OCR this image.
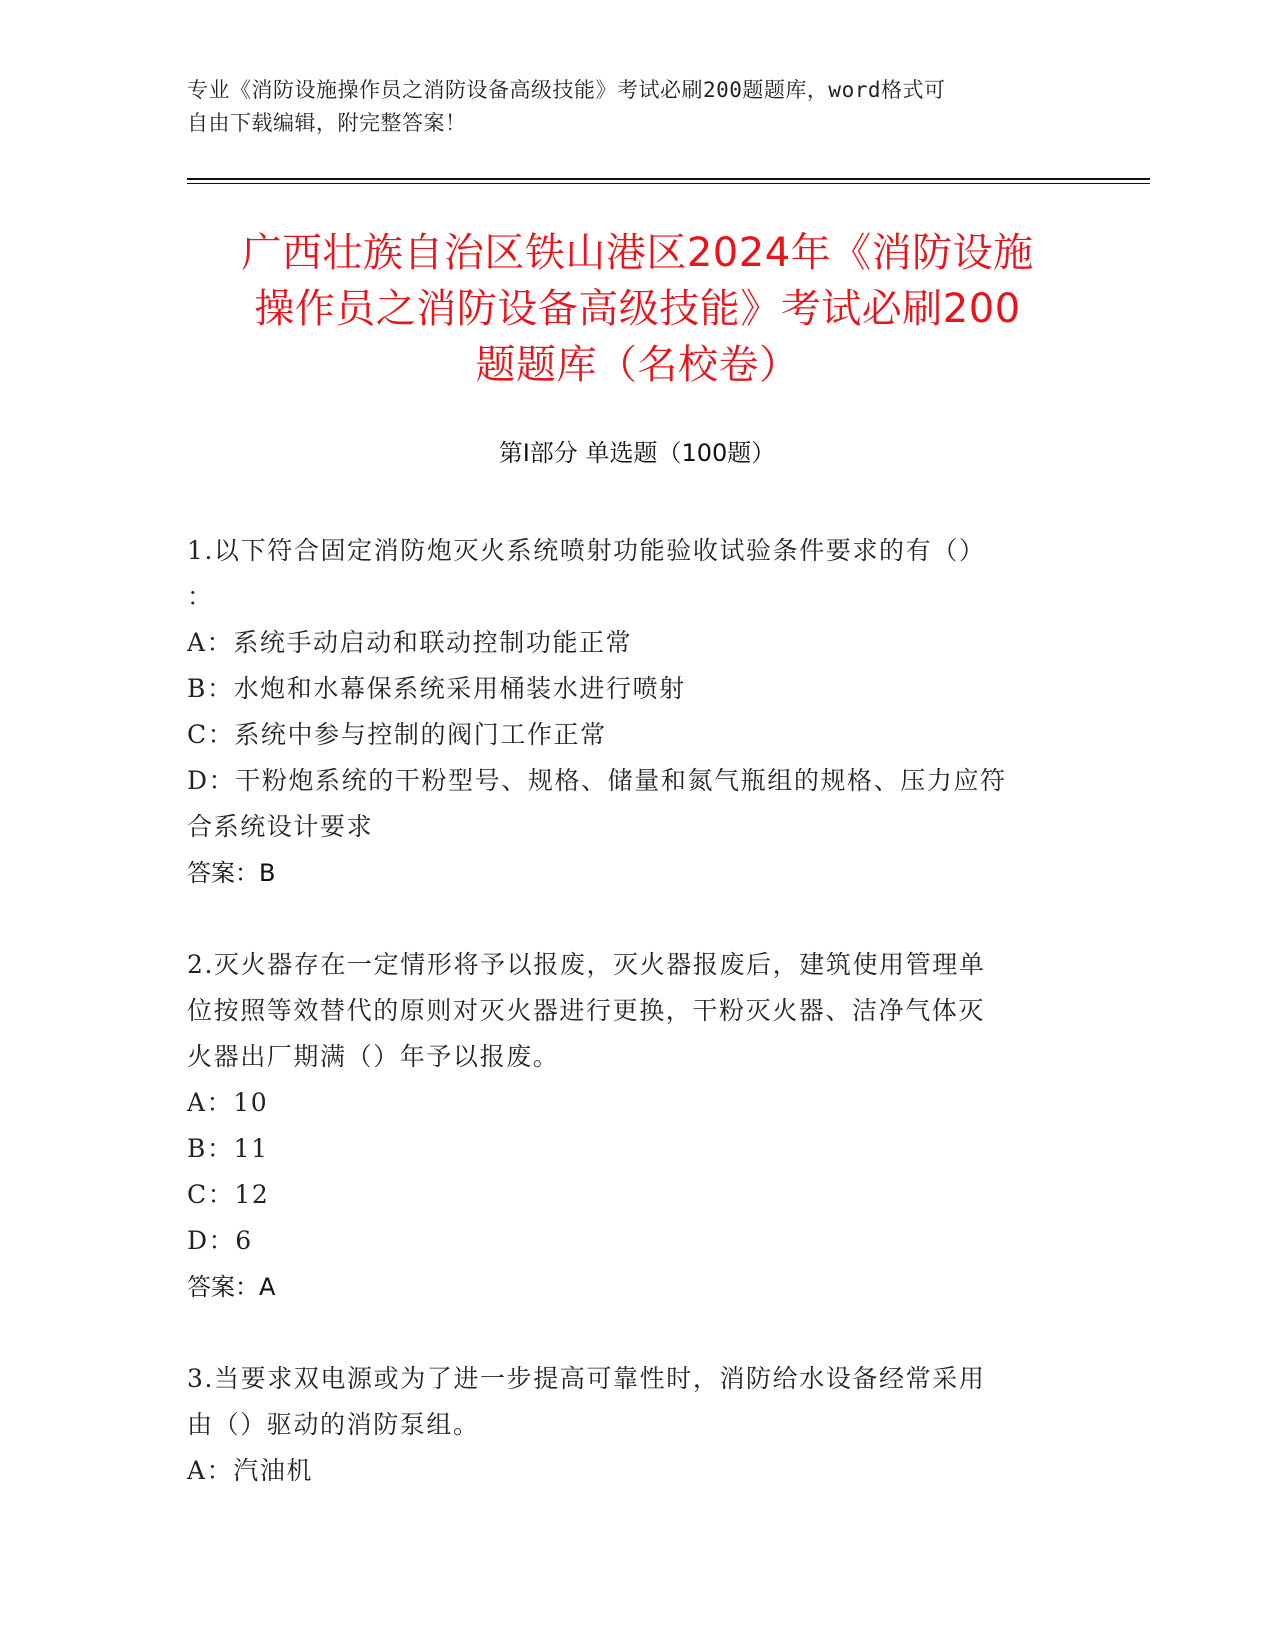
专业《消防设施操作员之消防设备高级技能》考试必刷200题题库，word格式可
自由下载编辑，附完整答案！
广西壮族自治区铁山港区2024年《消防设施
操作员之消防设备高级技能》考试必刷200
题题库（名校卷）
第Ⅰ部分 单选题（100题）

1.以下符合固定消防炮灭火系统喷射功能验收试验条件要求的有（）

：

A：系统手动启动和联动控制功能正常

B：水炮和水幕保系统采用桶装水进行喷射

C：系统中参与控制的阀门工作正常

D：干粉炮系统的干粉型号、规格、储量和氮气瓶组的规格、压力应符

合系统设计要求

答案：B

2.灭火器存在一定情形将予以报废，灭火器报废后，建筑使用管理单

位按照等效替代的原则对灭火器进行更换，干粉灭火器、洁净气体灭

火器出厂期满（）年予以报废。

A：10

B：11

C：12

D：6

答案：A

3.当要求双电源或为了进一步提高可靠性时，消防给水设备经常采用

由（）驱动的消防泵组。

A：汽油机
